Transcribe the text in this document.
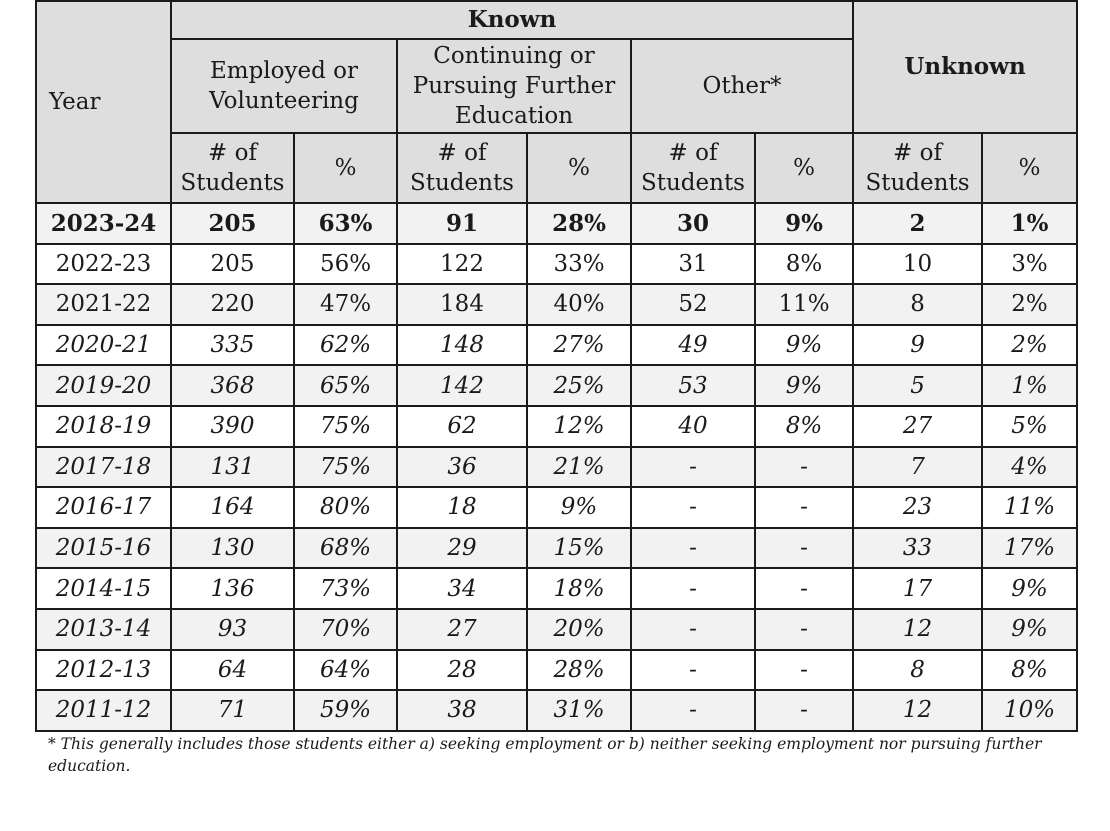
Year	Known						Unknown	
	Employed or Volunteering		Continuing or Pursuing Further Education		Other*			
	# of Students	%	# of Students	%	# of Students	%	# of Students	%
2023-24	205	63%	91	28%	30	9%	2	1%
2022-23	205	56%	122	33%	31	8%	10	3%
2021-22	220	47%	184	40%	52	11%	8	2%
2020-21	335	62%	148	27%	49	9%	9	2%
2019-20	368	65%	142	25%	53	9%	5	1%
2018-19	390	75%	62	12%	40	8%	27	5%
2017-18	131	75%	36	21%	-	-	7	4%
2016-17	164	80%	18	9%	-	-	23	11%
2015-16	130	68%	29	15%	-	-	33	17%
2014-15	136	73%	34	18%	-	-	17	9%
2013-14	93	70%	27	20%	-	-	12	9%
2012-13	64	64%	28	28%	-	-	8	8%
2011-12	71	59%	38	31%	-	-	12	10%
* This generally includes those students either a) seeking employment or b) neither seeking employment nor pursuing further education.
